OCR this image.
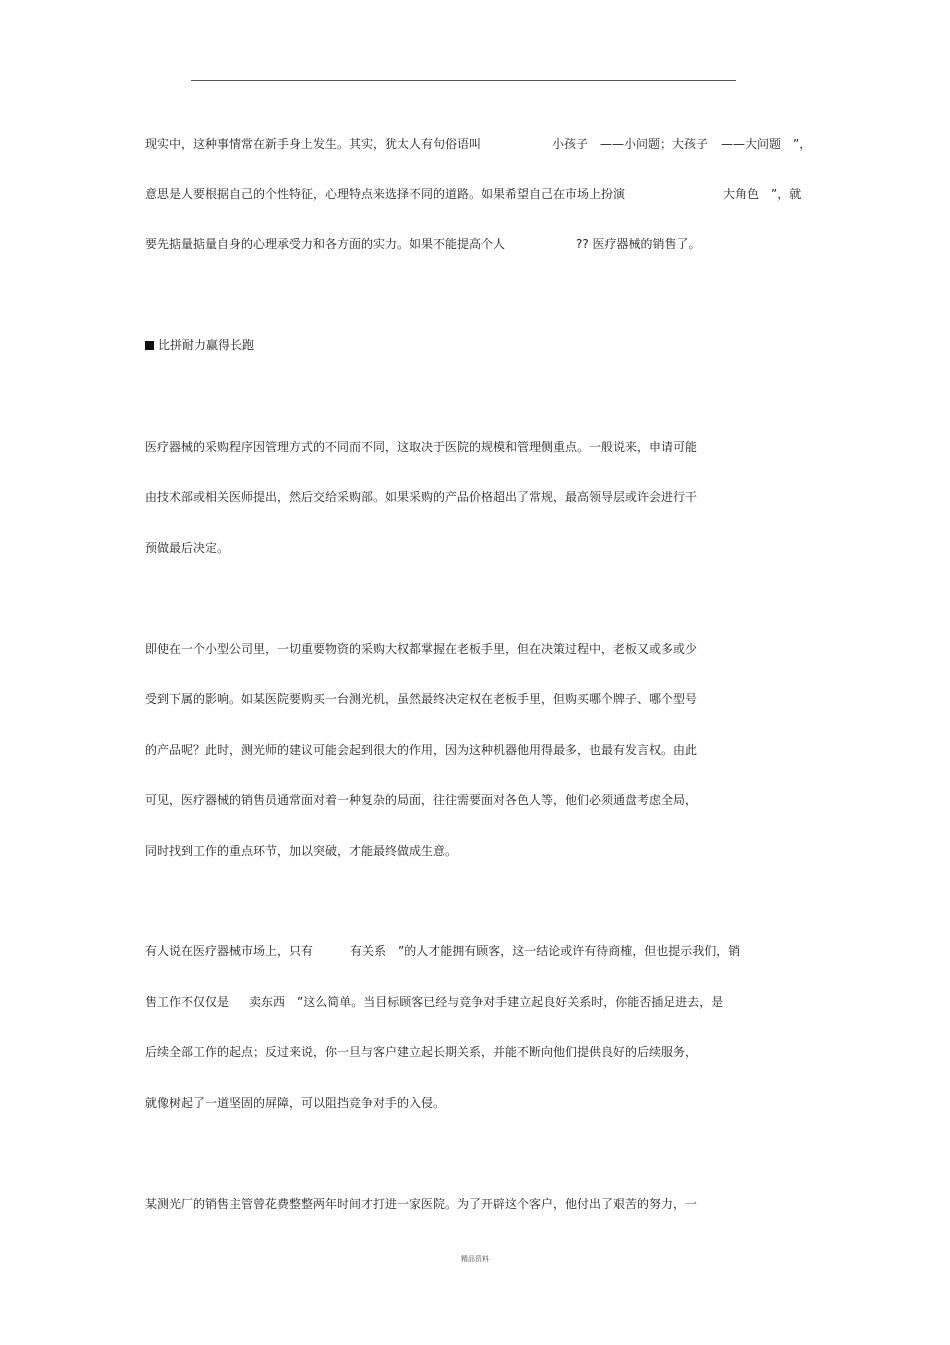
现实中，这种事情常在新手身上发生。其实，犹太人有句俗语叫	小孩子　——小问题；大孩子 ——大问题　”，
意思是人要根据自己的个性特征，心理特点来选择不同的道路。如果希望自己在市场上扮演	大角色　”，就
要先掂量掂量自身的心理承受力和各方面的实力。如果不能提高个人	?? 医疗器械的销售了。
比拼耐力赢得长跑
医疗器械的采购程序因管理方式的不同而不同，这取决于医院的规模和管理侧重点。一般说来，申请可能
由技术部或相关医师提出，然后交给采购部。如果采购的产品价格超出了常规，最高领导层或许会进行干
预做最后决定。
即使在一个小型公司里，一切重要物资的采购大权都掌握在老板手里，但在决策过程中，老板又或多或少
受到下属的影响。如某医院要购买一台测光机，虽然最终决定权在老板手里，但购买哪个牌子、哪个型号
的产品呢？此时，测光师的建议可能会起到很大的作用，因为这种机器他用得最多，也最有发言权。由此
可见，医疗器械的销售员通常面对着一种复杂的局面，往往需要面对各色人等，他们必须通盘考虑全局，
同时找到工作的重点环节，加以突破，才能最终做成生意。
有人说在医疗器械市场上，只有	有关系　”的人才能拥有顾客，这一结论或许有待商榷，但也提示我们，销
售工作不仅仅是 卖东西　”这么简单。当目标顾客已经与竞争对手建立起良好关系时，你能否插足进去，是
后续全部工作的起点；反过来说，你一旦与客户建立起长期关系，并能不断向他们提供良好的后续服务，
就像树起了一道坚固的屏障，可以阻挡竞争对手的入侵。
某测光厂的销售主管曾花费整整两年时间才打进一家医院。为了开辟这个客户，他付出了艰苦的努力，一
精品资料
